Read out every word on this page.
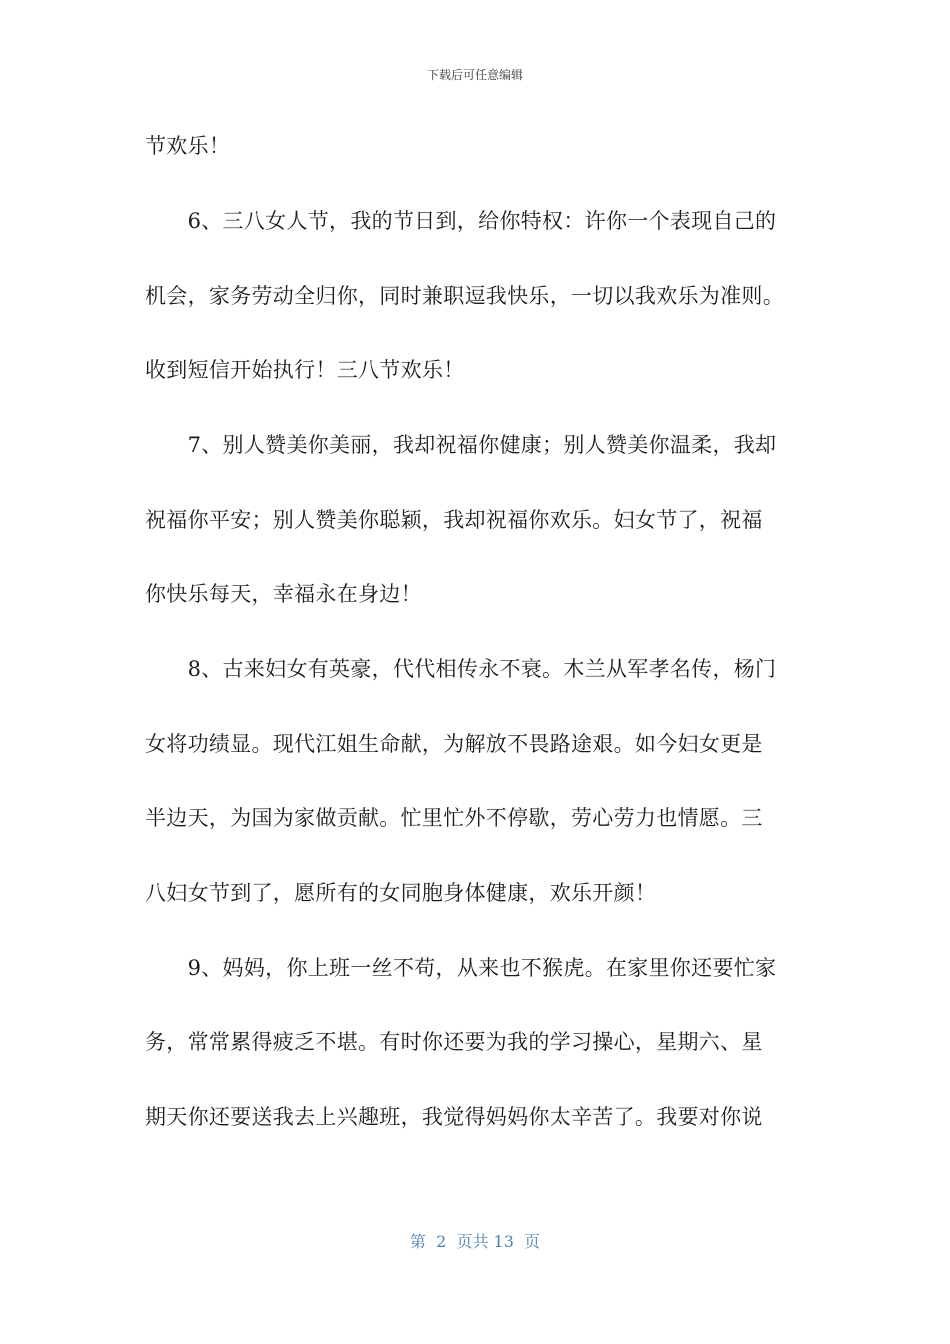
下载后可任意编辑
节欢乐！
　　6、三八女人节，我的节日到，给你特权：许你一个表现自己的
机会，家务劳动全归你，同时兼职逗我快乐，一切以我欢乐为准则。
收到短信开始执行！三八节欢乐！
　　7、别人赞美你美丽，我却祝福你健康；别人赞美你温柔，我却
祝福你平安；别人赞美你聪颖，我却祝福你欢乐。妇女节了，祝福
你快乐每天，幸福永在身边！
　　8、古来妇女有英豪，代代相传永不衰。木兰从军孝名传，杨门
女将功绩显。现代江姐生命献，为解放不畏路途艰。如今妇女更是
半边天，为国为家做贡献。忙里忙外不停歇，劳心劳力也情愿。三
八妇女节到了，愿所有的女同胞身体健康，欢乐开颜！
　　9、妈妈，你上班一丝不苟，从来也不猴虎。在家里你还要忙家
务，常常累得疲乏不堪。有时你还要为我的学习操心，星期六、星
期天你还要送我去上兴趣班，我觉得妈妈你太辛苦了。我要对你说
第  2  页共 13  页
